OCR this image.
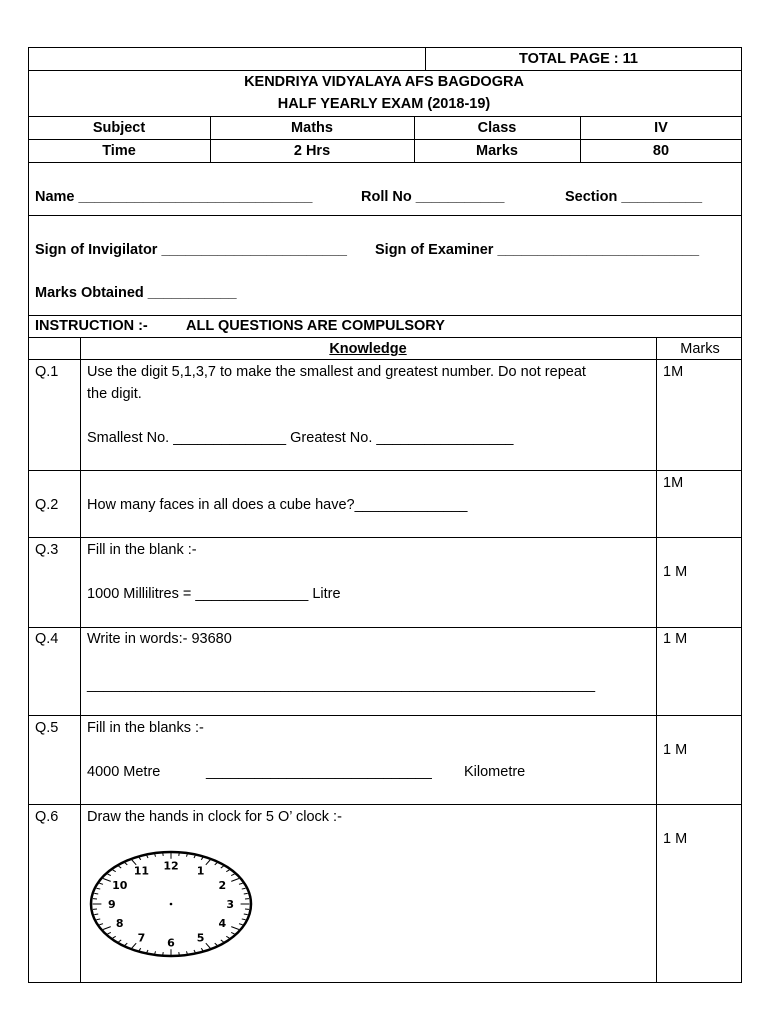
TOTAL PAGE : 11
KENDRIYA VIDYALAYA AFS BAGDOGRA
HALF YEARLY EXAM (2018-19)
Subject	Maths	Class	IV
Time	2 Hrs	Marks	80
Name _____________________________	Roll No ___________	Section __________
Sign of Invigilator _______________________ Sign of Examiner _________________________
Marks Obtained ___________
INSTRUCTION :-	ALL QUESTIONS ARE COMPULSORY
Knowledge	Marks
Q.1 Use the digit 5,1,3,7 to make the smallest and greatest number. Do not repeat
the digit.
Smallest No. ______________ Greatest No. _________________
1M
Q.2 How many faces in all does a cube have?______________
1M
Q.3 Fill in the blank :-
1000 Millilitres = ______________ Litre
1 M
Q.4 Write in words:- 93680
_______________________________________________________________
1 M
Q.5 Fill in the blanks :-
4000 Metre	____________________________ Kilometre
1 M
Q.6 Draw the hands in clock for 5 O’ clock :-
1 M
12 1
2
3
4
5
6
7
8
9
10
11
